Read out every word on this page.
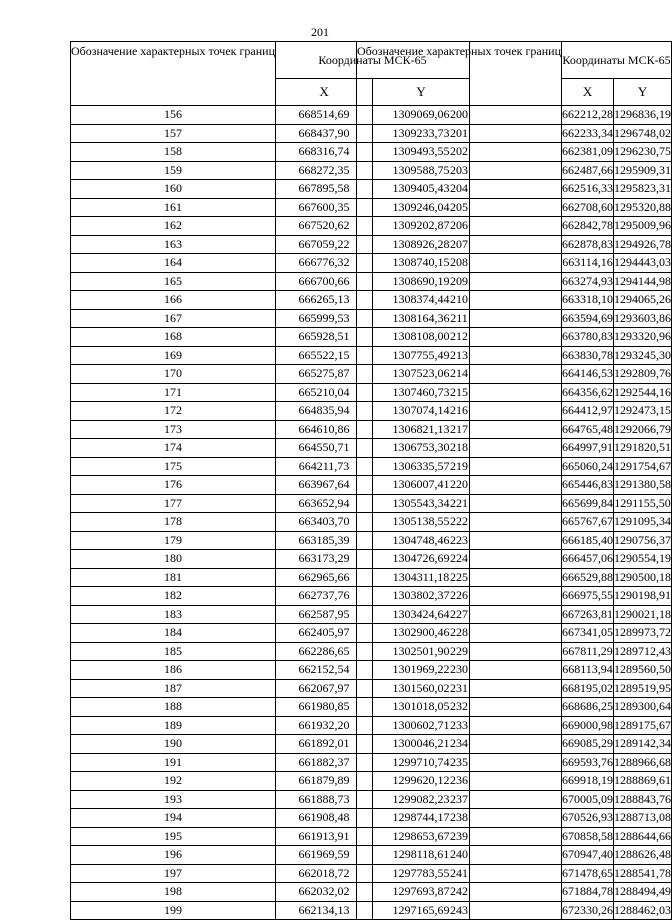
201
Обозначение характерных точек границ	Координаты МСК-65	
	X	Y
156	668514,69	1309069,06
157	668437,90	1309233,73
158	668316,74	1309493,55
159	668272,35	1309588,75
160	667895,58	1309405,43
161	667600,35	1309246,04
162	667520,62	1309202,87
163	667059,22	1308926,28
164	666776,32	1308740,15
165	666700,66	1308690,19
166	666265,13	1308374,44
167	665999,53	1308164,36
168	665928,51	1308108,00
169	665522,15	1307755,49
170	665275,87	1307523,06
171	665210,04	1307460,73
172	664835,94	1307074,14
173	664610,86	1306821,13
174	664550,71	1306753,30
175	664211,73	1306335,57
176	663967,64	1306007,41
177	663652,94	1305543,34
178	663403,70	1305138,55
179	663185,39	1304748,46
180	663173,29	1304726,69
181	662965,66	1304311,18
182	662737,76	1303802,37
183	662587,95	1303424,64
184	662405,97	1302900,46
185	662286,65	1302501,90
186	662152,54	1301969,22
187	662067,97	1301560,02
188	661980,85	1301018,05
189	661932,20	1300602,71
190	661892,01	1300046,21
191	661882,37	1299710,74
192	661879,89	1299620,12
193	661888,73	1299082,23
194	661908,48	1298744,17
195	661913,91	1298653,67
196	661969,59	1298118,61
197	662018,72	1297783,55
198	662032,02	1297693,87
199	662134,13	1297165,69
Обозначение характерных точек границ	Координаты МСК-65	
	X	Y
200	662212,28	1296836,19
201	662233,34	1296748,02
202	662381,09	1296230,75
203	662487,66	1295909,31
204	662516,33	1295823,31
205	662708,60	1295320,88
206	662842,78	1295009,96
207	662878,83	1294926,78
208	663114,16	1294443,03
209	663274,93	1294144,98
210	663318,10	1294065,26
211	663594,69	1293603,86
212	663780,83	1293320,96
213	663830,78	1293245,30
214	664146,53	1292809,76
215	664356,62	1292544,16
216	664412,97	1292473,15
217	664765,48	1292066,79
218	664997,91	1291820,51
219	665060,24	1291754,67
220	665446,83	1291380,58
221	665699,84	1291155,50
222	665767,67	1291095,34
223	666185,40	1290756,37
224	666457,06	1290554,19
225	666529,88	1290500,18
226	666975,55	1290198,91
227	667263,81	1290021,18
228	667341,05	1289973,72
229	667811,29	1289712,43
230	668113,94	1289560,50
231	668195,02	1289519,95
232	668686,25	1289300,64
233	669000,98	1289175,67
234	669085,29	1289142,34
235	669593,76	1288966,68
236	669918,19	1288869,61
237	670005,09	1288843,76
238	670526,93	1288713,08
239	670858,58	1288644,66
240	670947,40	1288626,48
241	671478,65	1288541,78
242	671884,78	1288494,49
243	672330,26	1288462,03
